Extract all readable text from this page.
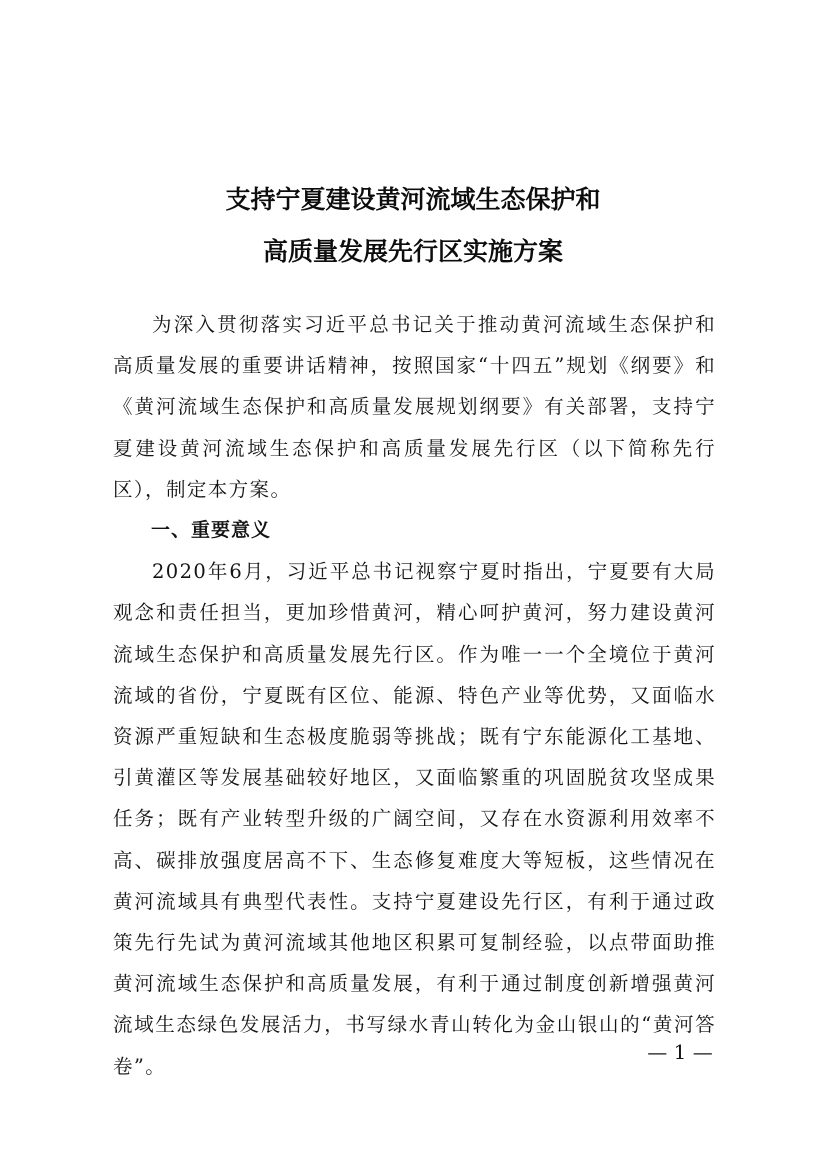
支持宁夏建设黄河流域生态保护和
高质量发展先行区实施方案

为深入贯彻落实习近平总书记关于推动黄河流域生态保护和高质量发展的重要讲话精神，按照国家“十四五”规划《纲要》和《黄河流域生态保护和高质量发展规划纲要》有关部署，支持宁夏建设黄河流域生态保护和高质量发展先行区（以下简称先行区），制定本方案。

一、重要意义

2020年6月，习近平总书记视察宁夏时指出，宁夏要有大局观念和责任担当，更加珍惜黄河，精心呵护黄河，努力建设黄河流域生态保护和高质量发展先行区。作为唯一一个全境位于黄河流域的省份，宁夏既有区位、能源、特色产业等优势，又面临水资源严重短缺和生态极度脆弱等挑战；既有宁东能源化工基地、引黄灌区等发展基础较好地区，又面临繁重的巩固脱贫攻坚成果任务；既有产业转型升级的广阔空间，又存在水资源利用效率不高、碳排放强度居高不下、生态修复难度大等短板，这些情况在黄河流域具有典型代表性。支持宁夏建设先行区，有利于通过政策先行先试为黄河流域其他地区积累可复制经验，以点带面助推黄河流域生态保护和高质量发展，有利于通过制度创新增强黄河流域生态绿色发展活力，书写绿水青山转化为金山银山的“黄河答卷”。

— 1 —
